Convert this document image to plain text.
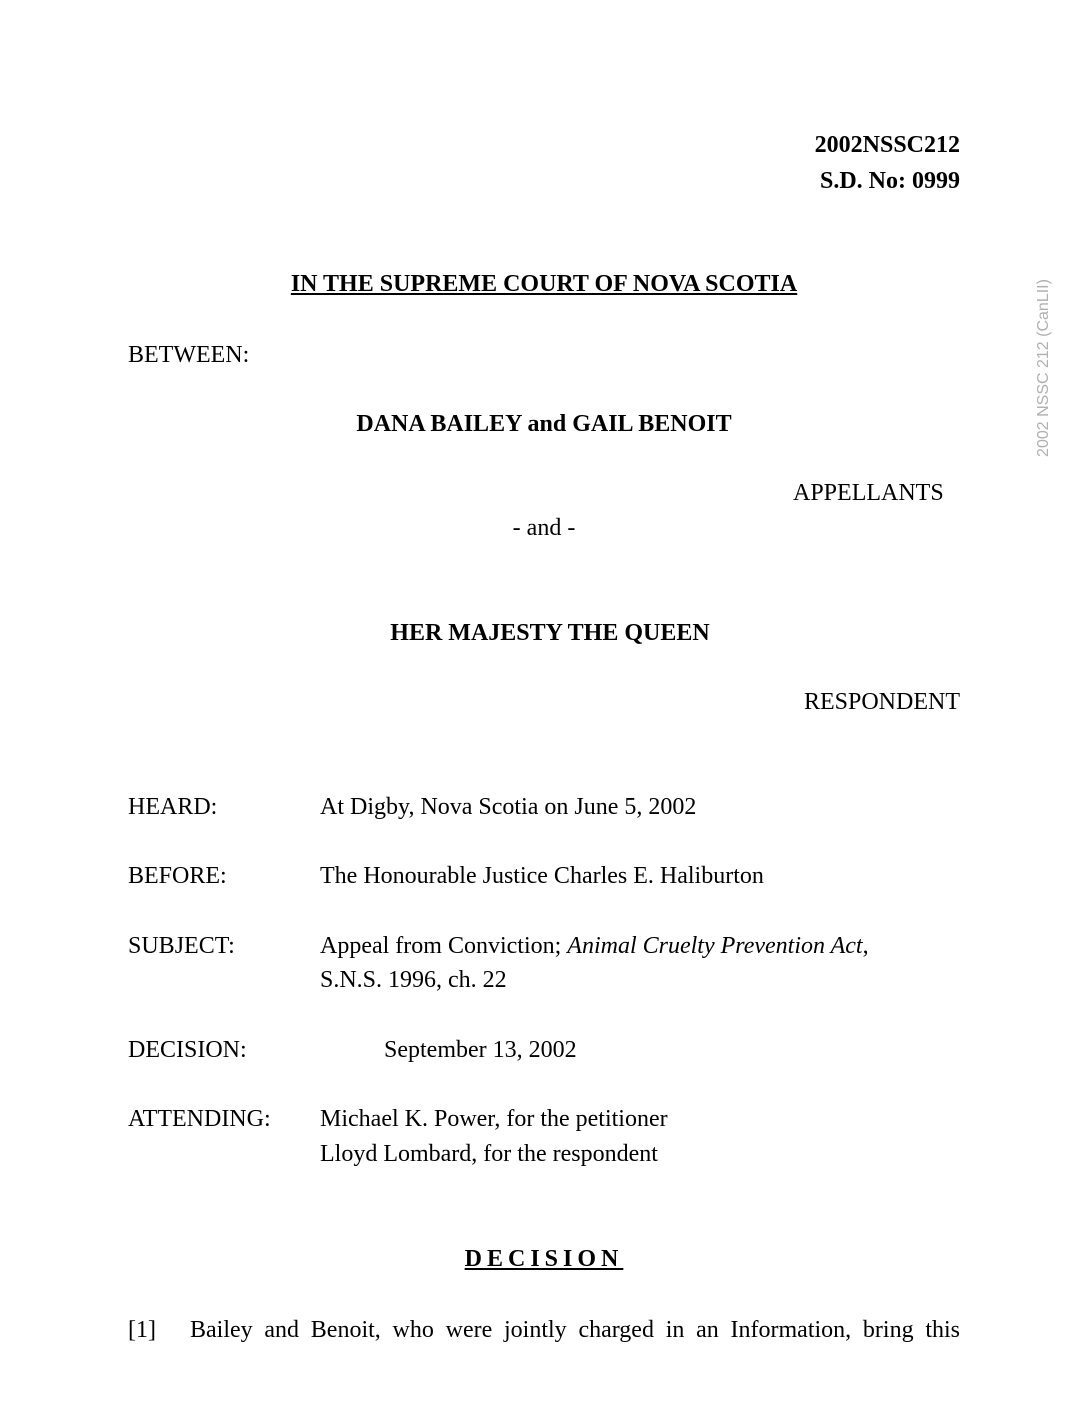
2002NSSC212
S.D. No: 0999
2002 NSSC 212 (CanLII)
IN THE SUPREME COURT OF NOVA SCOTIA
BETWEEN:
DANA BAILEY and GAIL BENOIT
APPELLANTS
- and -
HER MAJESTY THE QUEEN
RESPONDENT
HEARD:	At Digby, Nova Scotia on June 5, 2002
BEFORE:	The Honourable Justice Charles E. Haliburton
SUBJECT:	Appeal from Conviction; Animal Cruelty Prevention Act,
S.N.S. 1996, ch. 22
DECISION:	September 13, 2002
ATTENDING: Michael K. Power, for the petitioner
Lloyd Lombard, for the respondent
DECISION
[1] Bailey and Benoit, who were jointly charged in an Information, bring this
